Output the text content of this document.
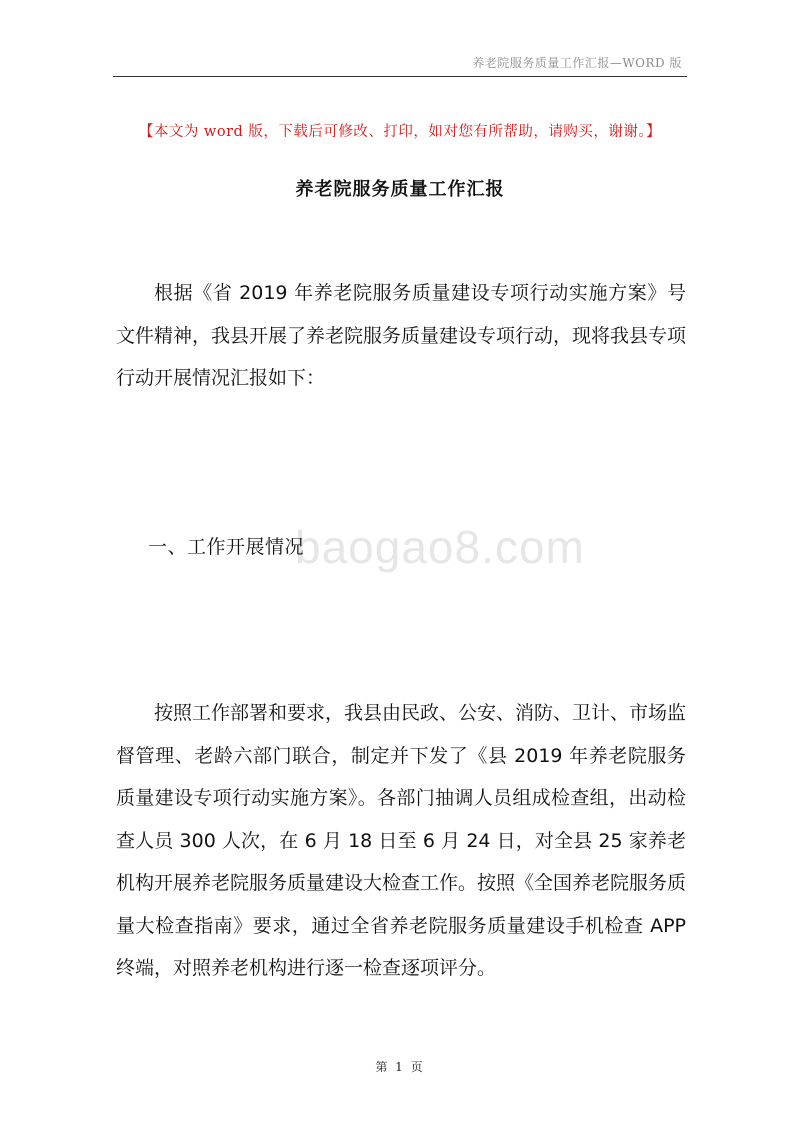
养老院服务质量工作汇报—WORD 版
【本文为 word 版，下载后可修改、打印，如对您有所帮助，请购买，谢谢。】
养老院服务质量工作汇报

根据《省 2019 年养老院服务质量建设专项行动实施方案》号文件精神，我县开展了养老院服务质量建设专项行动，现将我县专项行动开展情况汇报如下：

baogao8.com
一、工作开展情况

按照工作部署和要求，我县由民政、公安、消防、卫计、市场监督管理、老龄六部门联合，制定并下发了《县 2019 年养老院服务质量建设专项行动实施方案》。各部门抽调人员组成检查组，出动检查人员 300 人次，在 6 月 18 日至 6 月 24 日，对全县 25 家养老机构开展养老院服务质量建设大检查工作。按照《全国养老院服务质量大检查指南》要求，通过全省养老院服务质量建设手机检查 APP 终端，对照养老机构进行逐一检查逐项评分。

第 1 页
